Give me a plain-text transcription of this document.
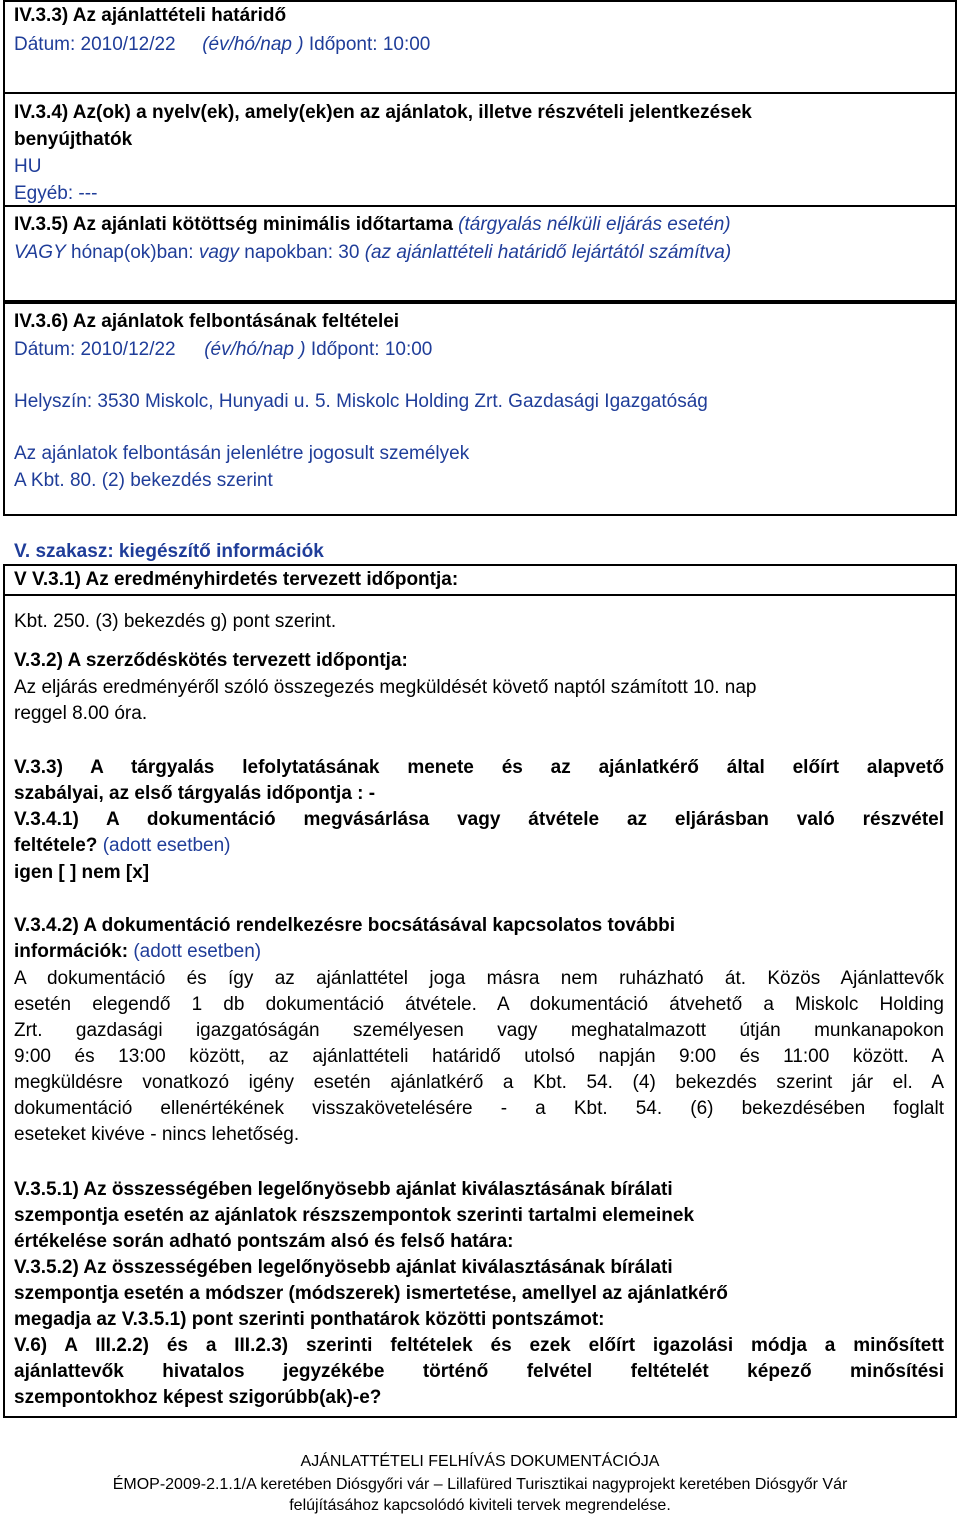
IV.3.3) Az ajánlattételi határidő
Dátum: 2010/12/22 (év/hó/nap ) Időpont: 10:00
IV.3.4) Az(ok) a nyelv(ek), amely(ek)en az ajánlatok, illetve részvételi jelentkezések
benyújthatók
HU
Egyéb: ---
IV.3.5) Az ajánlati kötöttség minimális időtartama (tárgyalás nélküli eljárás esetén)
VAGY hónap(ok)ban: vagy napokban: 30 (az ajánlattételi határidő lejártától számítva)
IV.3.6) Az ajánlatok felbontásának feltételei
Dátum: 2010/12/22 (év/hó/nap ) Időpont: 10:00
Helyszín: 3530 Miskolc, Hunyadi u. 5. Miskolc Holding Zrt. Gazdasági Igazgatóság
Az ajánlatok felbontásán jelenlétre jogosult személyek
A Kbt. 80. (2) bekezdés szerint
V. szakasz: kiegészítő információk
V V.3.1) Az eredményhirdetés tervezett időpontja:
Kbt. 250. (3) bekezdés g) pont szerint.
V.3.2) A szerződéskötés tervezett időpontja:
Az eljárás eredményéről szóló összegezés megküldését követő naptól számított 10. nap
reggel 8.00 óra.
V.3.3) A tárgyalás lefolytatásának menete és az ajánlatkérő által előírt alapvető
szabályai, az első tárgyalás időpontja : -
V.3.4.1) A dokumentáció megvásárlása vagy átvétele az eljárásban való részvétel
feltétele? (adott esetben)
igen [ ] nem [x]
V.3.4.2) A dokumentáció rendelkezésre bocsátásával kapcsolatos további
információk: (adott esetben)
A dokumentáció és így az ajánlattétel joga másra nem ruházható át. Közös Ajánlattevők
esetén elegendő 1 db dokumentáció átvétele. A dokumentáció átvehető a Miskolc Holding
Zrt. gazdasági igazgatóságán személyesen vagy meghatalmazott útján munkanapokon
9:00 és 13:00 között, az ajánlattételi határidő utolsó napján 9:00 és 11:00 között. A
megküldésre vonatkozó igény esetén ajánlatkérő a Kbt. 54. (4) bekezdés szerint jár el. A
dokumentáció ellenértékének visszakövetelésére - a Kbt. 54. (6) bekezdésében foglalt
eseteket kivéve - nincs lehetőség.
V.3.5.1) Az összességében legelőnyösebb ajánlat kiválasztásának bírálati
szempontja esetén az ajánlatok részszempontok szerinti tartalmi elemeinek
értékelése során adható pontszám alsó és felső határa:
V.3.5.2) Az összességében legelőnyösebb ajánlat kiválasztásának bírálati
szempontja esetén a módszer (módszerek) ismertetése, amellyel az ajánlatkérő
megadja az V.3.5.1) pont szerinti ponthatárok közötti pontszámot:
V.6) A III.2.2) és a III.2.3) szerinti feltételek és ezek előírt igazolási módja a minősített
ajánlattevők hivatalos jegyzékébe történő felvétel feltételét képező minősítési
szempontokhoz képest szigorúbb(ak)-e?
AJÁNLATTÉTELI FELHÍVÁS DOKUMENTÁCIÓJA
ÉMOP-2009-2.1.1/A keretében Diósgyőri vár – Lillafüred Turisztikai nagyprojekt keretében Diósgyőr Vár
felújításához kapcsolódó kiviteli tervek megrendelése.
